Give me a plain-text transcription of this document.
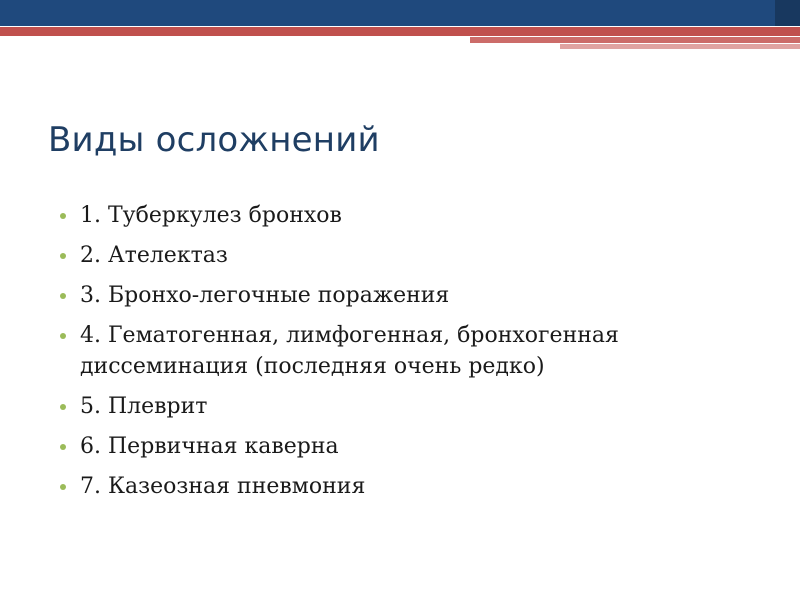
Виды осложнений
1. Туберкулез бронхов
2. Ателектаз
3. Бронхо-легочные поражения
4. Гематогенная, лимфогенная, бронхогенная диссеминация (последняя очень редко)
5. Плеврит
6. Первичная каверна
7. Казеозная пневмония
